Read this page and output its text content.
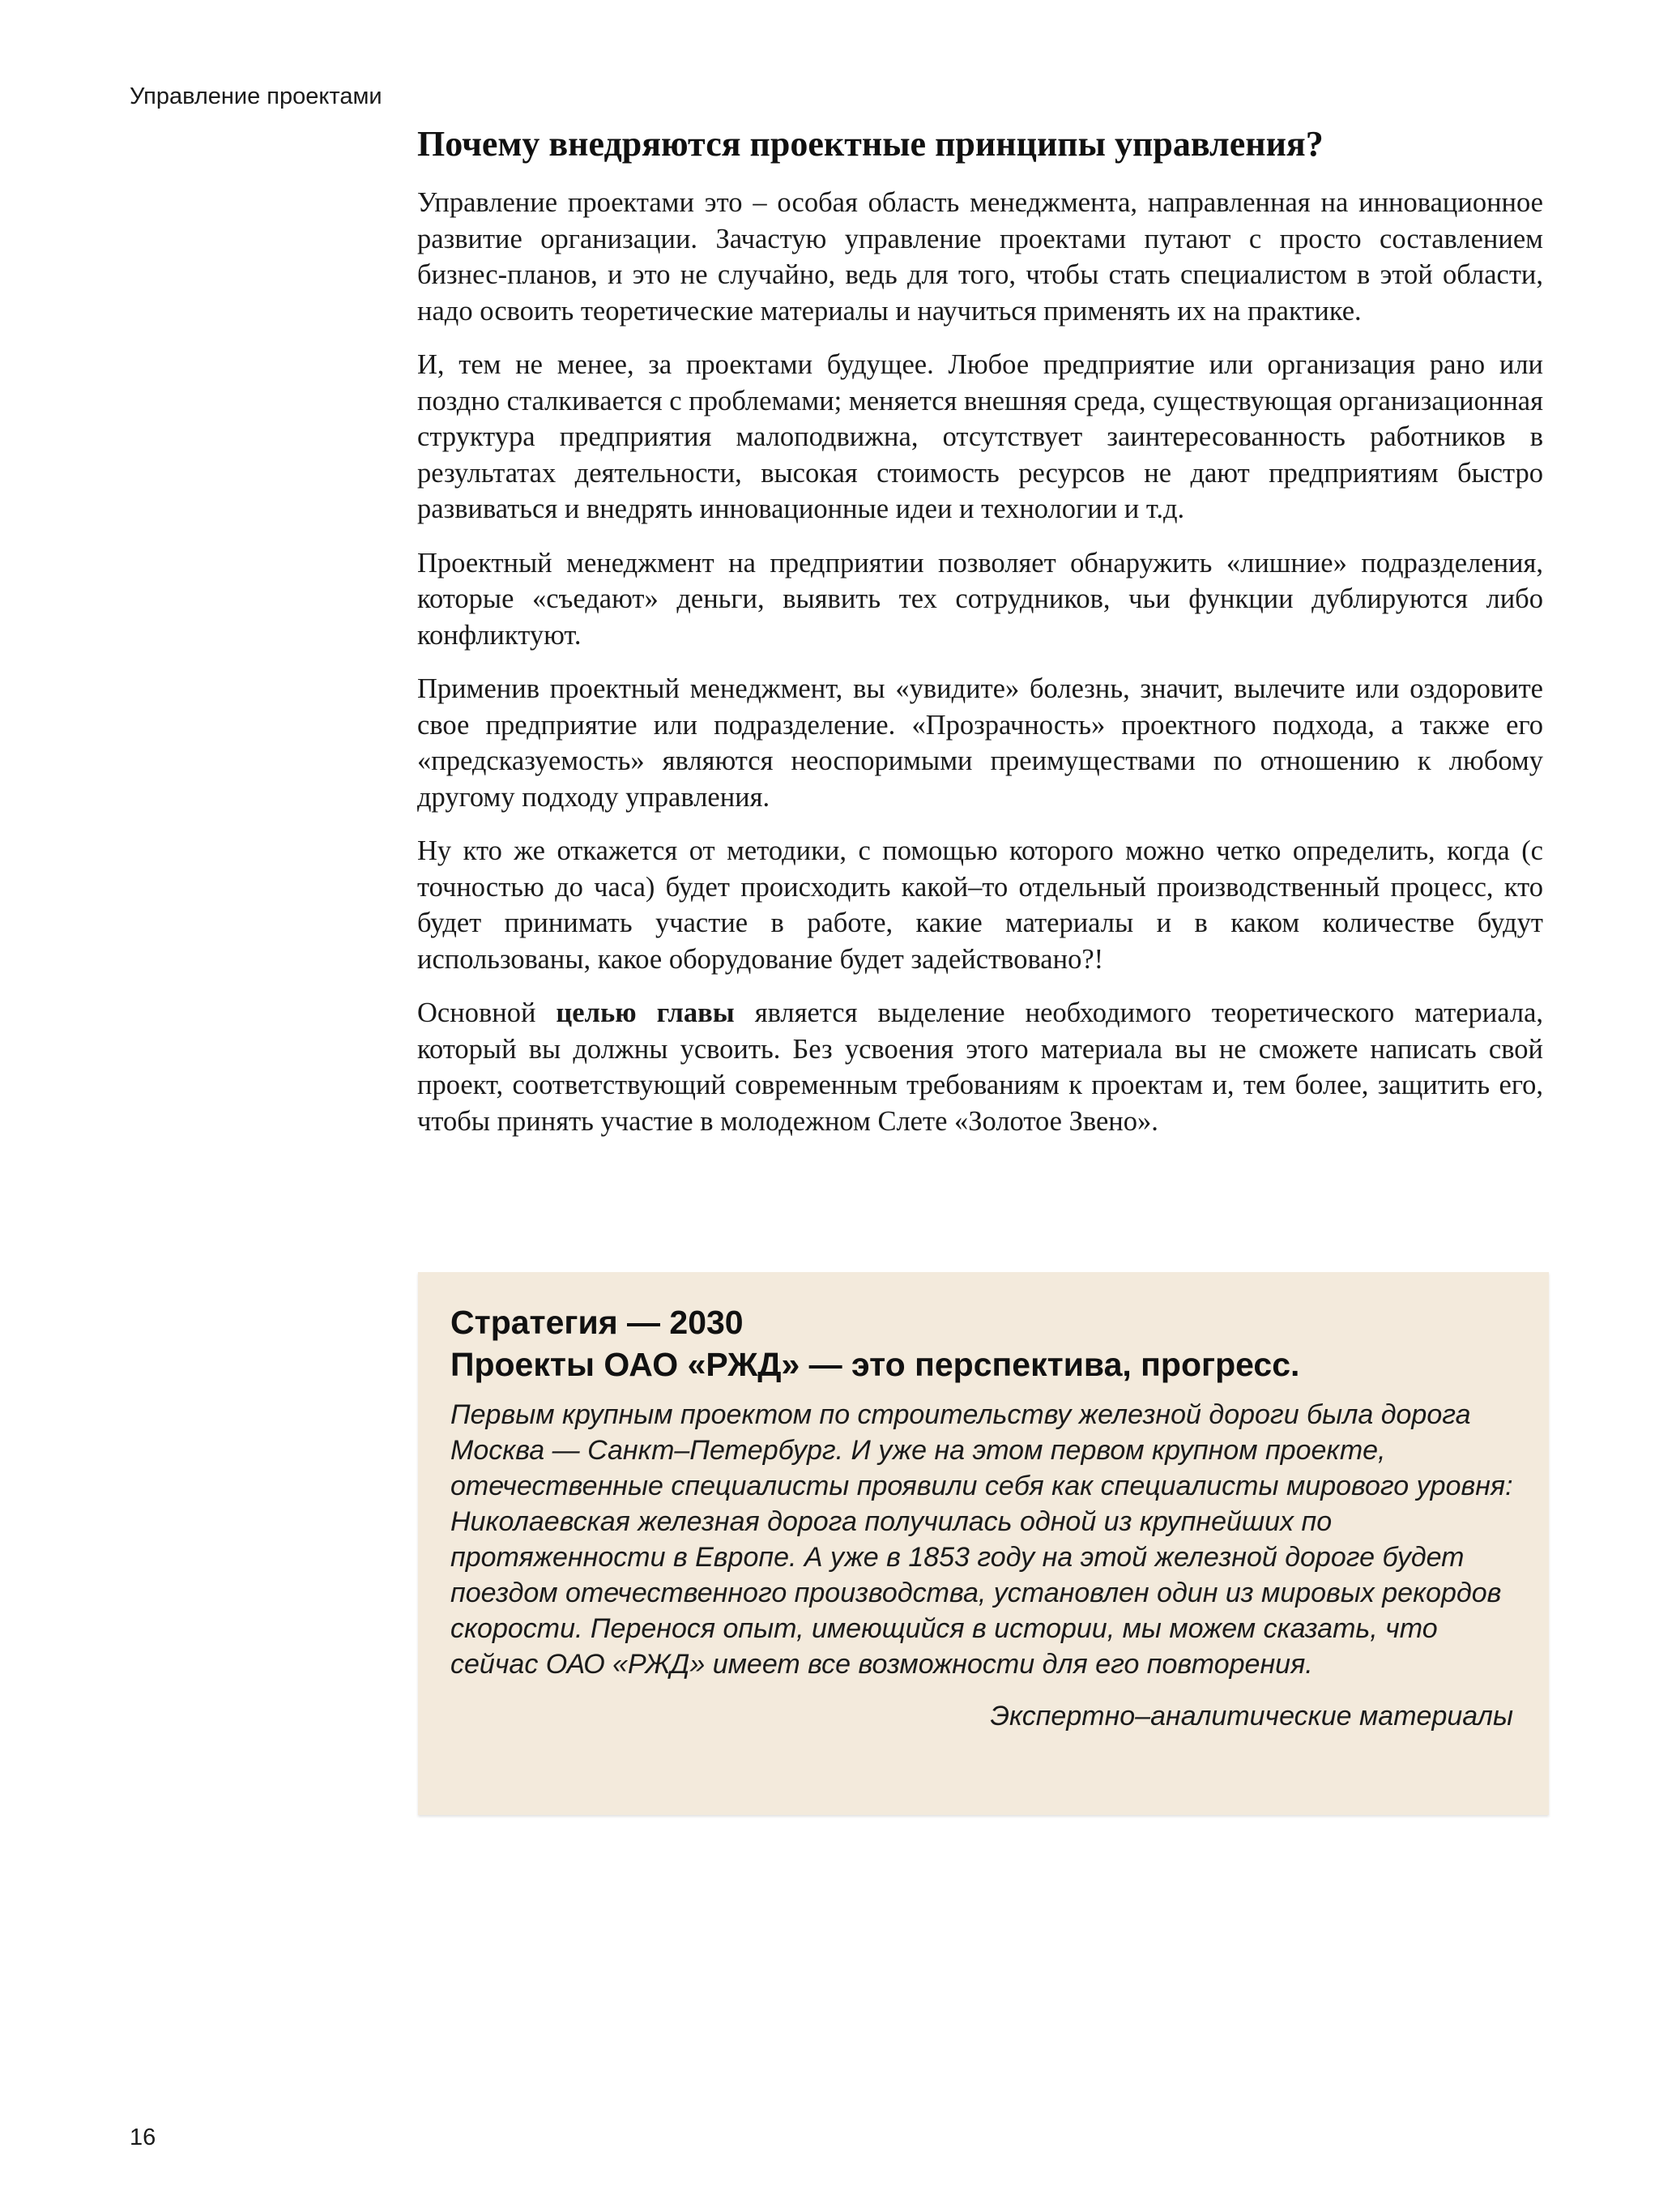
Управление проектами
Почему внедряются проектные принципы управления?

Управление проектами это – особая область менеджмента, направленная на инновационное развитие организации. Зачастую управление проектами путают с просто составлением бизнес-планов, и это не случайно, ведь для того, чтобы стать специалистом в этой области, надо освоить теоретические материалы и научиться применять их на практике.

И, тем не менее, за проектами будущее. Любое предприятие или организация рано или поздно сталкивается с проблемами; меняется внешняя среда, существующая организационная структура предприятия малоподвижна, отсутствует заинтересованность работников в результатах деятельности, высокая стоимость ресурсов не дают предприятиям быстро развиваться и внедрять инновационные идеи и технологии и т.д.

Проектный менеджмент на предприятии позволяет обнаружить «лишние» подразделения, которые «съедают» деньги, выявить тех сотрудников, чьи функции дублируются либо конфликтуют.

Применив проектный менеджмент, вы «увидите» болезнь, значит, вылечите или оздоровите свое предприятие или подразделение. «Прозрачность» проектного подхода, а также его «предсказуемость» являются неоспоримыми преимуществами по отношению к любому другому подходу управления.

Ну кто же откажется от методики, с помощью которого можно четко определить, когда (с точностью до часа) будет происходить какой–то отдельный производственный процесс, кто будет принимать участие в работе, какие материалы и в каком количестве будут использованы, какое оборудование будет задействовано?!

Основной целью главы является выделение необходимого теоретического материала, который вы должны усвоить. Без усвоения этого материала вы не сможете написать свой проект, соответствующий современным требованиям к проектам и, тем более, защитить его, чтобы принять участие в молодежном Слете «Золотое Звено».

Стратегия — 2030
Проекты ОАО «РЖД» — это перспектива, прогресс.

Первым крупным проектом по строительству железной дороги была дорога Москва — Санкт–Петербург. И уже на этом первом крупном проекте, отечественные специалисты проявили себя как специалисты мирового уровня: Николаевская железная дорога получилась одной из крупнейших по протяженности в Европе. А уже в 1853 году на этой железной дороге будет поездом отечественного производства, установлен один из мировых рекордов скорости. Перенося опыт, имеющийся в истории, мы можем сказать, что сейчас ОАО «РЖД» имеет все возможности для его повторения.

Экспертно–аналитические материалы

16
